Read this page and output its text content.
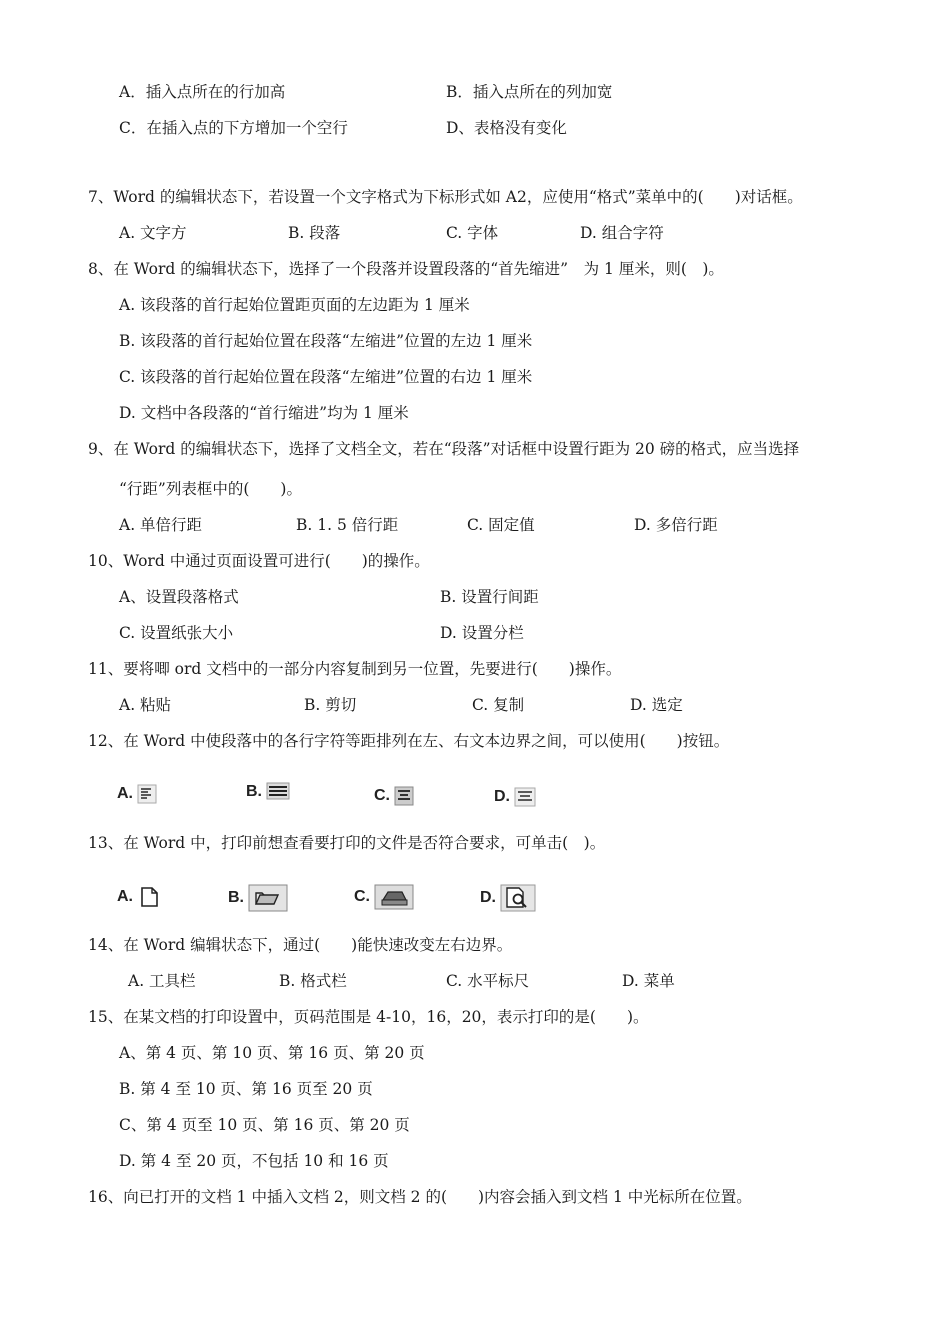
A．插入点所在的行加高	B．插入点所在的列加宽
C．在插入点的下方增加一个空行	D、表格没有变化
7、Word 的编辑状态下，若设置一个文字格式为下标形式如 A2，应使用“格式”菜单中的(　　)对话框。
A. 文字方	B. 段落	C. 字体	D. 组合字符
8、在 Word 的编辑状态下，选择了一个段落并设置段落的“首先缩进”　为 1 厘米，则(　)。
A. 该段落的首行起始位置距页面的左边距为 1 厘米
B. 该段落的首行起始位置在段落“左缩进”位置的左边 1 厘米
C. 该段落的首行起始位置在段落“左缩进”位置的右边 1 厘米
D. 文档中各段落的“首行缩进”均为 1 厘米
9、在 Word 的编辑状态下，选择了文档全文，若在“段落”对话框中设置行距为 20 磅的格式，应当选择
“行距”列表框中的(　　)。
A. 单倍行距	B. 1. 5 倍行距	C. 固定值	D. 多倍行距
10、Word 中通过页面设置可进行(　　)的操作。
A、设置段落格式	B. 设置行间距
C. 设置纸张大小	D. 设置分栏
11、要将唧 ord 文档中的一部分内容复制到另一位置，先要进行(　　)操作。
A. 粘贴	B. 剪切	C. 复制	D. 选定
12、在 Word 中使段落中的各行字符等距排列在左、右文本边界之间，可以使用(　　)按钮。
A.	B.	C.	D.
13、在 Word 中，打印前想查看要打印的文件是否符合要求，可单击(　)。
A.	B.	C.	D.
14、在 Word 编辑状态下，通过(　　)能快速改变左右边界。
A. 工具栏	B. 格式栏	C. 水平标尺	D. 菜单
15、在某文档的打印设置中，页码范围是 4-10，16，20，表示打印的是(　　)。
A、第 4 页、第 10 页、第 16 页、第 20 页
B. 第 4 至 10 页、第 16 页至 20 页
C、第 4 页至 10 页、第 16 页、第 20 页
D. 第 4 至 20 页，不包括 10 和 16 页
16、向已打开的文档 1 中插入文档 2，则文档 2 的(　　)内容会插入到文档 1 中光标所在位置。
